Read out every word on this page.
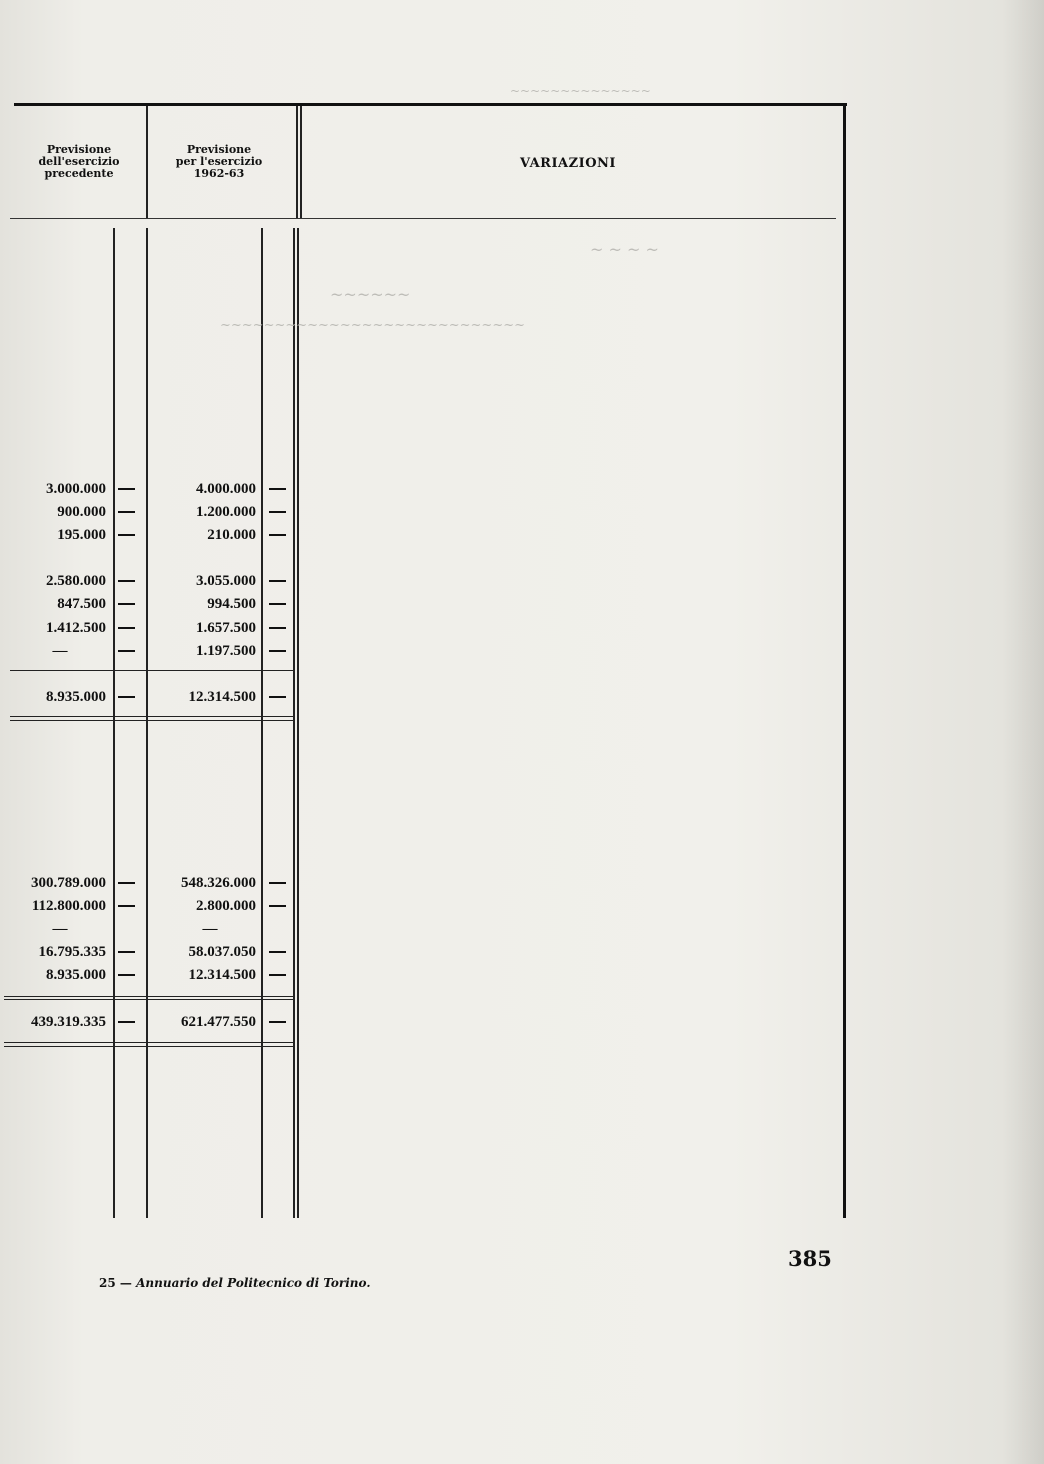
Previsione
dell'esercizio
precedente
Previsione
per l'esercizio
1962-63
VARIAZIONI
~~~~~~~~~~~~~~
~ ~ ~ ~
~~~~~~
~~~~~~~~~~~~~~~~~~~~~~~~~~~~
3.000.000	4.000.000
900.000	1.200.000
195.000	210.000
2.580.000	3.055.000
847.500	994.500
1.412.500	1.657.500
—	1.197.500
8.935.000	12.314.500
300.789.000	548.326.000
112.800.000	2.800.000
—	—
16.795.335	58.037.050
8.935.000	12.314.500
439.319.335	621.477.550
25 — Annuario del Politecnico di Torino.
385
